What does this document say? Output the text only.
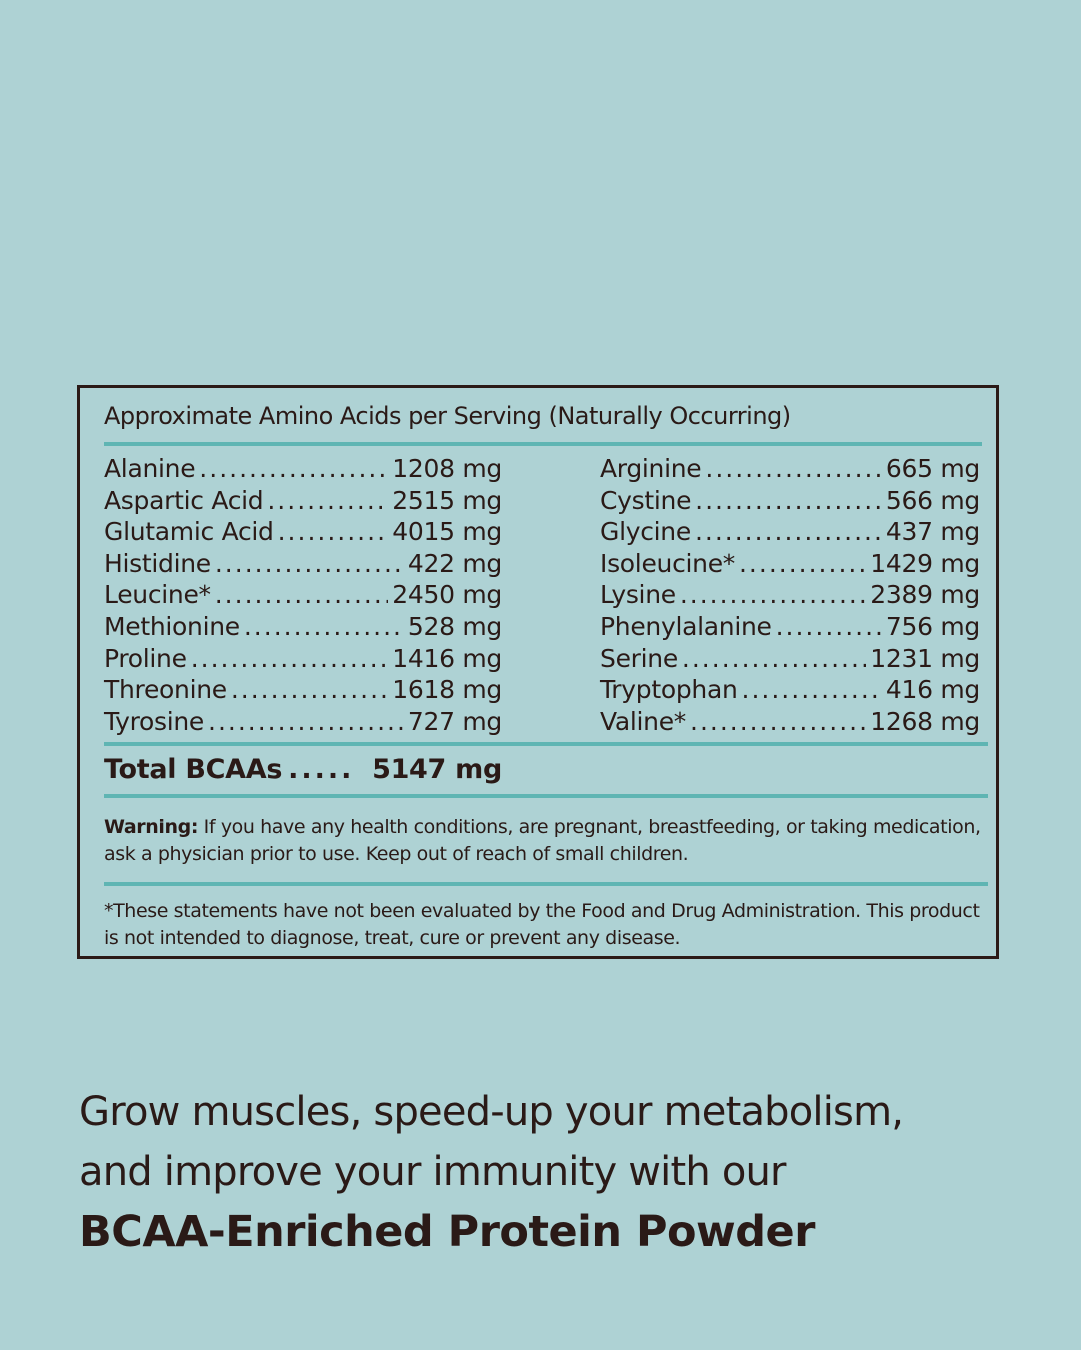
Approximate Amino Acids per Serving (Naturally Occurring)
Alanine .....	1208 mg
Aspartic Acid .....	2515 mg
Glutamic Acid .....	4015 mg
Histidine .....	422 mg
Leucine* .....	2450 mg
Methionine .....	528 mg
Proline .....	1416 mg
Threonine .....	1618 mg
Tyrosine .....	727 mg
Arginine .....	665 mg
Cystine .....	566 mg
Glycine .....	437 mg
Isoleucine* .....	1429 mg
Lysine .....	2389 mg
Phenylalanine .....	756 mg
Serine .....	1231 mg
Tryptophan .....	416 mg
Valine* .....	1268 mg
Total BCAAs .....	5147 mg
Warning: If you have any health conditions, are pregnant, breastfeeding, or taking medication, ask a physician prior to use. Keep out of reach of small children.
*These statements have not been evaluated by the Food and Drug Administration. This product is not intended to diagnose, treat, cure or prevent any disease.
Grow muscles, speed-up your metabolism,
and improve your immunity with our
BCAA-Enriched Protein Powder
